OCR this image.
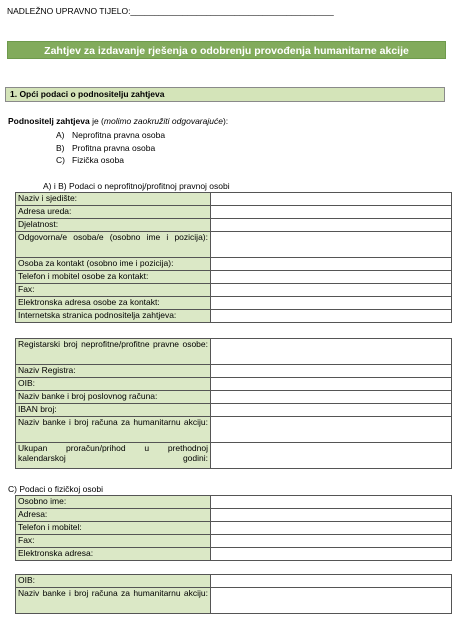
NADLEŽNO UPRAVNO TIJELO:___________________________________________
Zahtjev za izdavanje rješenja o odobrenju provođenja humanitarne akcije
1. Opći podaci o podnositelju zahtjeva
Podnositelj zahtjeva je (molimo zaokružiti odgovarajuće):
A) Neprofitna pravna osoba
B) Profitna pravna osoba
C) Fizička osoba
A) i B) Podaci o neprofitnoj/profitnoj pravnoj osobi
Naziv i sjedište:	
Adresa ureda:	
Djelatnost:	
Odgovorna/e osoba/e (osobno ime i pozicija):	
Osoba za kontakt (osobno ime i pozicija):	
Telefon i mobitel osobe za kontakt:	
Fax:	
Elektronska adresa osobe za kontakt:	
Internetska stranica podnositelja zahtjeva:	
Registarski broj neprofitne/profitne pravne osobe:	
Naziv Registra:	
OIB:	
Naziv banke i broj poslovnog računa:	
IBAN broj:	
Naziv banke i broj računa za humanitarnu akciju:	
Ukupan proračun/prihod u prethodnoj kalendarskoj godini:	
C) Podaci o fizičkoj osobi
Osobno ime:	
Adresa:	
Telefon i mobitel:	
Fax:	
Elektronska adresa:	
OIB:	
Naziv banke i broj računa za humanitarnu akciju:	
